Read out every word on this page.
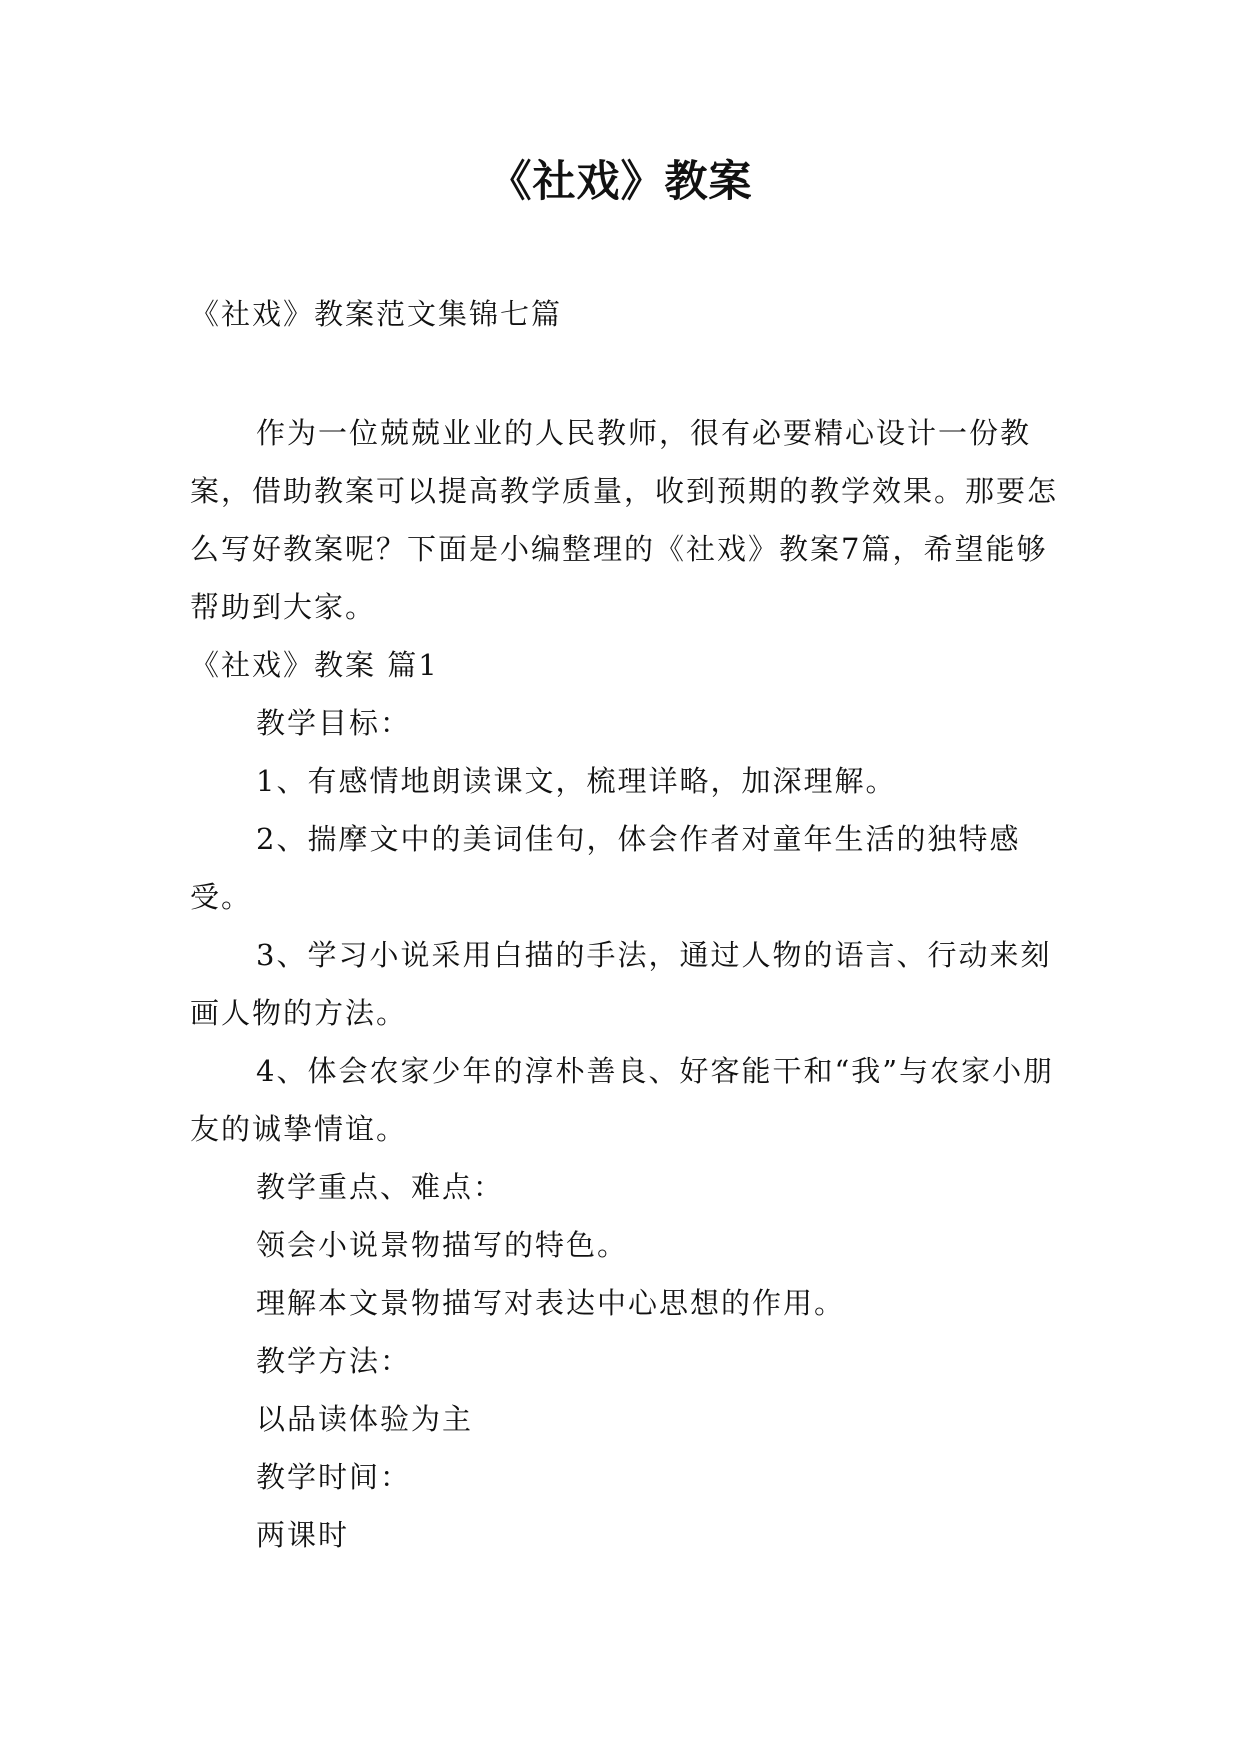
《社戏》教案

《社戏》教案范文集锦七篇

作为一位兢兢业业的人民教师，很有必要精心设计一份教案，借助教案可以提高教学质量，收到预期的教学效果。那要怎么写好教案呢？下面是小编整理的《社戏》教案7篇，希望能够帮助到大家。

《社戏》教案 篇1

教学目标：

1、有感情地朗读课文，梳理详略，加深理解。

2、揣摩文中的美词佳句，体会作者对童年生活的独特感受。

3、学习小说采用白描的手法，通过人物的语言、行动来刻画人物的方法。

4、体会农家少年的淳朴善良、好客能干和“我”与农家小朋友的诚挚情谊。

教学重点、难点：

领会小说景物描写的特色。

理解本文景物描写对表达中心思想的作用。

教学方法：

以品读体验为主

教学时间：

两课时
